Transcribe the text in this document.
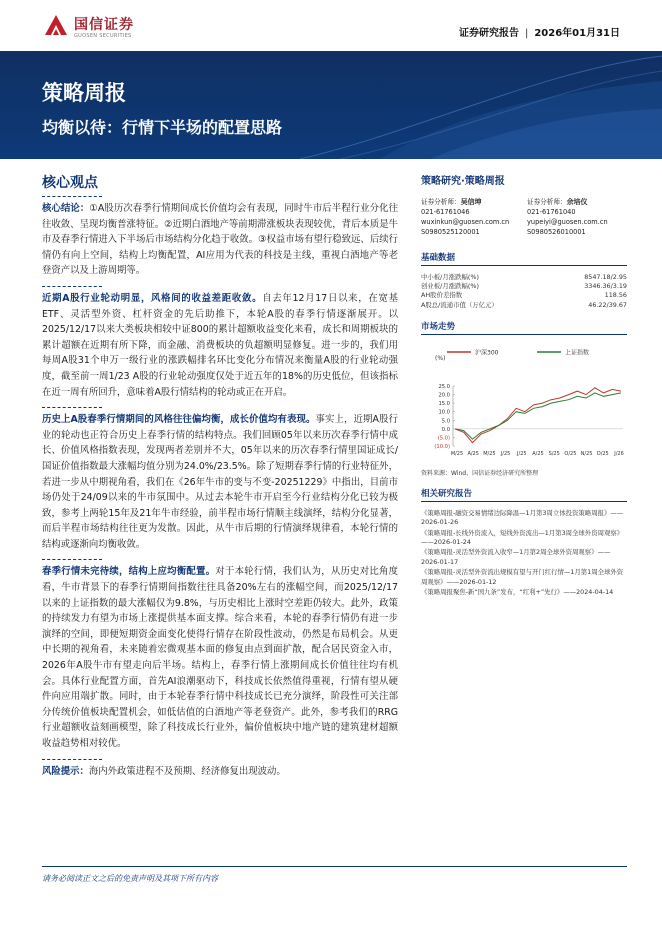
国信证券
GUOSEN SECURITIES	证券研究报告 | 2026年01月31日
策略周报
均衡以待：行情下半场的配置思路
核心观点

核心结论：①A股历次春季行情期间成长价值均会有表现，同时牛市后半程行业分化往往收敛、呈现均衡普涨特征。②近期白酒地产等前期滞涨板块表现较优，背后本质是牛市及春季行情进入下半场后市场结构分化趋于收敛。③权益市场有望行稳致远、后续行情仍有向上空间，结构上均衡配置，AI应用为代表的科技是主线，重视白酒地产等老登资产以及上游周期等。

近期A股行业轮动明显，风格间的收益差距收敛。自去年12月17日以来，在宽基ETF、灵活型外资、杠杆资金的先后助推下，本轮A股的春季行情逐渐展开。以2025/12/17以来大类板块相较中证800的累计超额收益变化来看，成长和周期板块的累计超额在近期有所下降，而金融、消费板块的负超额明显修复。进一步的，我们用每周A股31个申万一级行业的涨跌幅排名环比变化分布情况来衡量A股的行业轮动强度，截至前一周1/23 A股的行业轮动强度仅处于近五年的18%的历史低位，但该指标在近一周有所回升，意味着A股行情结构的轮动或正在开启。

历史上A股春季行情期间的风格往往偏均衡，成长价值均有表现。事实上，近期A股行业的轮动也正符合历史上春季行情的结构特点。我们回顾05年以来历次春季行情中成长、价值风格指数表现，发现两者差别并不大，05年以来的历次春季行情里国证成长/国证价值指数最大涨幅均值分别为24.0%/23.5%。除了短期春季行情的行业特征外，若进一步从中期视角看，我们在《26年牛市的变与不变-20251229》中指出，目前市场仍处于24/09以来的牛市氛围中。从过去本轮牛市开启至今行业结构分化已较为极致，参考上两轮15年及21年牛市经验，前半程市场行情顺主线演绎，结构分化显著，而后半程市场结构往往更为发散。因此，从牛市后期的行情演绎规律看，本轮行情的结构或逐渐向均衡收敛。

春季行情未完待续，结构上应均衡配置。对于本轮行情，我们认为，从历史对比角度看，牛市背景下的春季行情期间指数往往具备20%左右的涨幅空间，而2025/12/17以来的上证指数的最大涨幅仅为9.8%，与历史相比上涨时空差距仍较大。此外，政策的持续发力有望为市场上涨提供基本面支撑。综合来看，本轮的春季行情仍有进一步演绎的空间，即便短期资金面变化使得行情存在阶段性波动，仍然是布局机会。从更中长期的视角看，未来随着宏微观基本面的修复由点到面扩散，配合居民资金入市，2026年A股牛市有望走向后半场。结构上，春季行情上涨期间成长价值往往均有机会。具体行业配置方面，首先AI浪潮驱动下，科技成长依然值得重视，行情有望从硬件向应用端扩散。同时，由于本轮春季行情中科技成长已充分演绎，阶段性可关注部分传统价值板块配置机会，如低估值的白酒地产等老登资产。此外，参考我们的RRG行业超额收益刻画模型，除了科技成长行业外，偏价值板块中地产链的建筑建材超额收益趋势相对较优。

风险提示：海内外政策进程不及预期、经济修复出现波动。

策略研究·策略周报
证券分析师：吴信坤
021-61761046
wuxinkun@guosen.com.cn
S0980525120001
证券分析师：余培仪
021-61761040
yupeiyi@guosen.com.cn
S0980526010001
基础数据
中小板/月涨跌幅(%)	8547.18/2.95
创业板/月涨跌幅(%)	3346.36/3.19
AH股价差指数	118.56
A股总/流通市值（万亿元）	46.22/39.67
市场走势
(%)
沪深300	上证指数
25.0
20.0
15.0
10.0
5.0
0.0
(5.0)
(10.0)
M/25 A/25 M/25 J/25 J/25 A/25 S/25 O/25 N/25 D/25 J/26
资料来源：Wind、国信证券经济研究所整理
相关研究报告
《策略周报-融资交易情绪边际降温—1月第3周立体投资策略周报》——2026-01-26
《策略周报-长线外资流入，短线外资流出—1月第3周全球外资周观察》——2026-01-24
《策略周报-灵活型外资流入收窄—1月第2周全球外资周观察》——2026-01-17
《策略周报-灵活型外资流出规模有望与开门红行情—1月第1周全球外资周观察》——2026-01-12
《策略周报聚焦-新“国九条”发布，“红利+”先行》——2024-04-14
请务必阅读正文之后的免责声明及其项下所有内容
